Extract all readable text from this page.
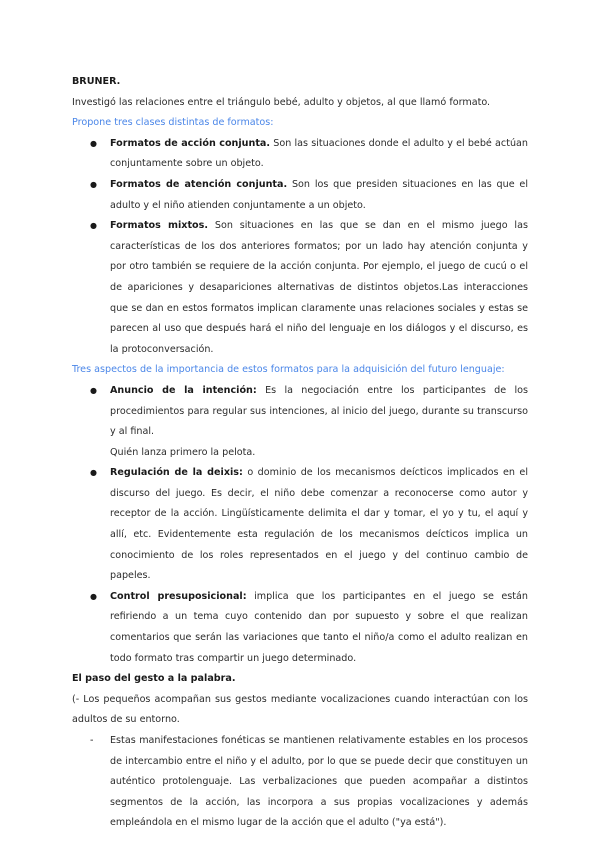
BRUNER.

Investigó las relaciones entre el triángulo bebé, adulto y objetos, al que llamó formato.

Propone tres clases distintas de formatos:

● Formatos de acción conjunta. Son las situaciones donde el adulto y el bebé actúan conjuntamente sobre un objeto.
● Formatos de atención conjunta. Son los que presiden situaciones en las que el adulto y el niño atienden conjuntamente a un objeto.
● Formatos mixtos. Son situaciones en las que se dan en el mismo juego las características de los dos anteriores formatos; por un lado hay atención conjunta y por otro también se requiere de la acción conjunta. Por ejemplo, el juego de cucú o el de apariciones y desapariciones alternativas de distintos objetos.Las interacciones que se dan en estos formatos implican claramente unas relaciones sociales y estas se parecen al uso que después hará el niño del lenguaje en los diálogos y el discurso, es la protoconversación.

Tres aspectos de la importancia de estos formatos para la adquisición del futuro lenguaje:

● Anuncio de la intención: Es la negociación entre los participantes de los procedimientos para regular sus intenciones, al inicio del juego, durante su transcurso y al final.
Quién lanza primero la pelota.
● Regulación de la deixis: o dominio de los mecanismos deícticos implicados en el discurso del juego. Es decir, el niño debe comenzar a reconocerse como autor y receptor de la acción. Lingüísticamente delimita el dar y tomar, el yo y tu, el aquí y allí, etc. Evidentemente esta regulación de los mecanismos deícticos implica un conocimiento de los roles representados en el juego y del continuo cambio de papeles.
● Control presuposicional: implica que los participantes en el juego se están refiriendo a un tema cuyo contenido dan por supuesto y sobre el que realizan comentarios que serán las variaciones que tanto el niño/a como el adulto realizan en todo formato tras compartir un juego determinado.

El paso del gesto a la palabra.

(- Los pequeños acompañan sus gestos mediante vocalizaciones cuando interactúan con los adultos de su entorno.

- Estas manifestaciones fonéticas se mantienen relativamente estables en los procesos de intercambio entre el niño y el adulto, por lo que se puede decir que constituyen un auténtico protolenguaje. Las verbalizaciones que pueden acompañar a distintos segmentos de la acción, las incorpora a sus propias vocalizaciones y además empleándola en el mismo lugar de la acción que el adulto ("ya está").
